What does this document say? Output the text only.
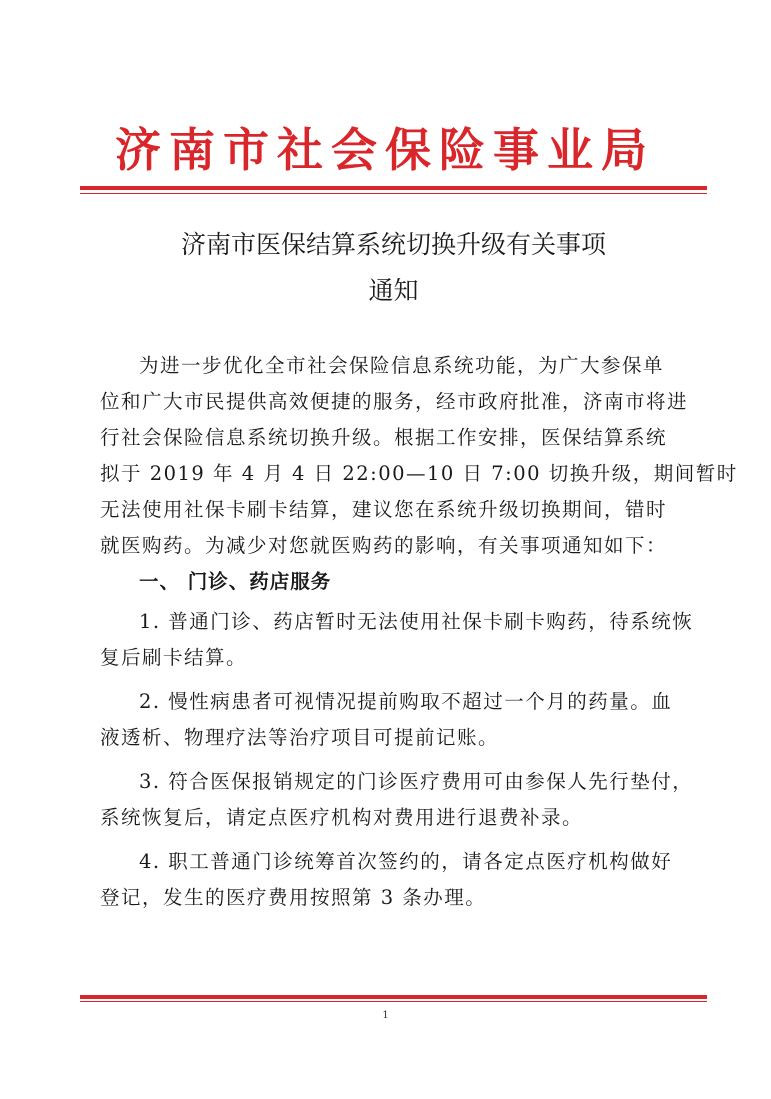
济南市社会保险事业局
济南市医保结算系统切换升级有关事项
通知
为进一步优化全市社会保险信息系统功能，为广大参保单
位和广大市民提供高效便捷的服务，经市政府批准，济南市将进
行社会保险信息系统切换升级。根据工作安排，医保结算系统
拟于 2019 年 4 月 4 日 22:00—10 日 7:00 切换升级，期间暂时
无法使用社保卡刷卡结算，建议您在系统升级切换期间，错时
就医购药。为减少对您就医购药的影响，有关事项通知如下：
一、 门诊、药店服务
1. 普通门诊、药店暂时无法使用社保卡刷卡购药，待系统恢
复后刷卡结算。
2. 慢性病患者可视情况提前购取不超过一个月的药量。血
液透析、物理疗法等治疗项目可提前记账。
3. 符合医保报销规定的门诊医疗费用可由参保人先行垫付，
系统恢复后，请定点医疗机构对费用进行退费补录。
4. 职工普通门诊统筹首次签约的，请各定点医疗机构做好
登记，发生的医疗费用按照第 3 条办理。
1
